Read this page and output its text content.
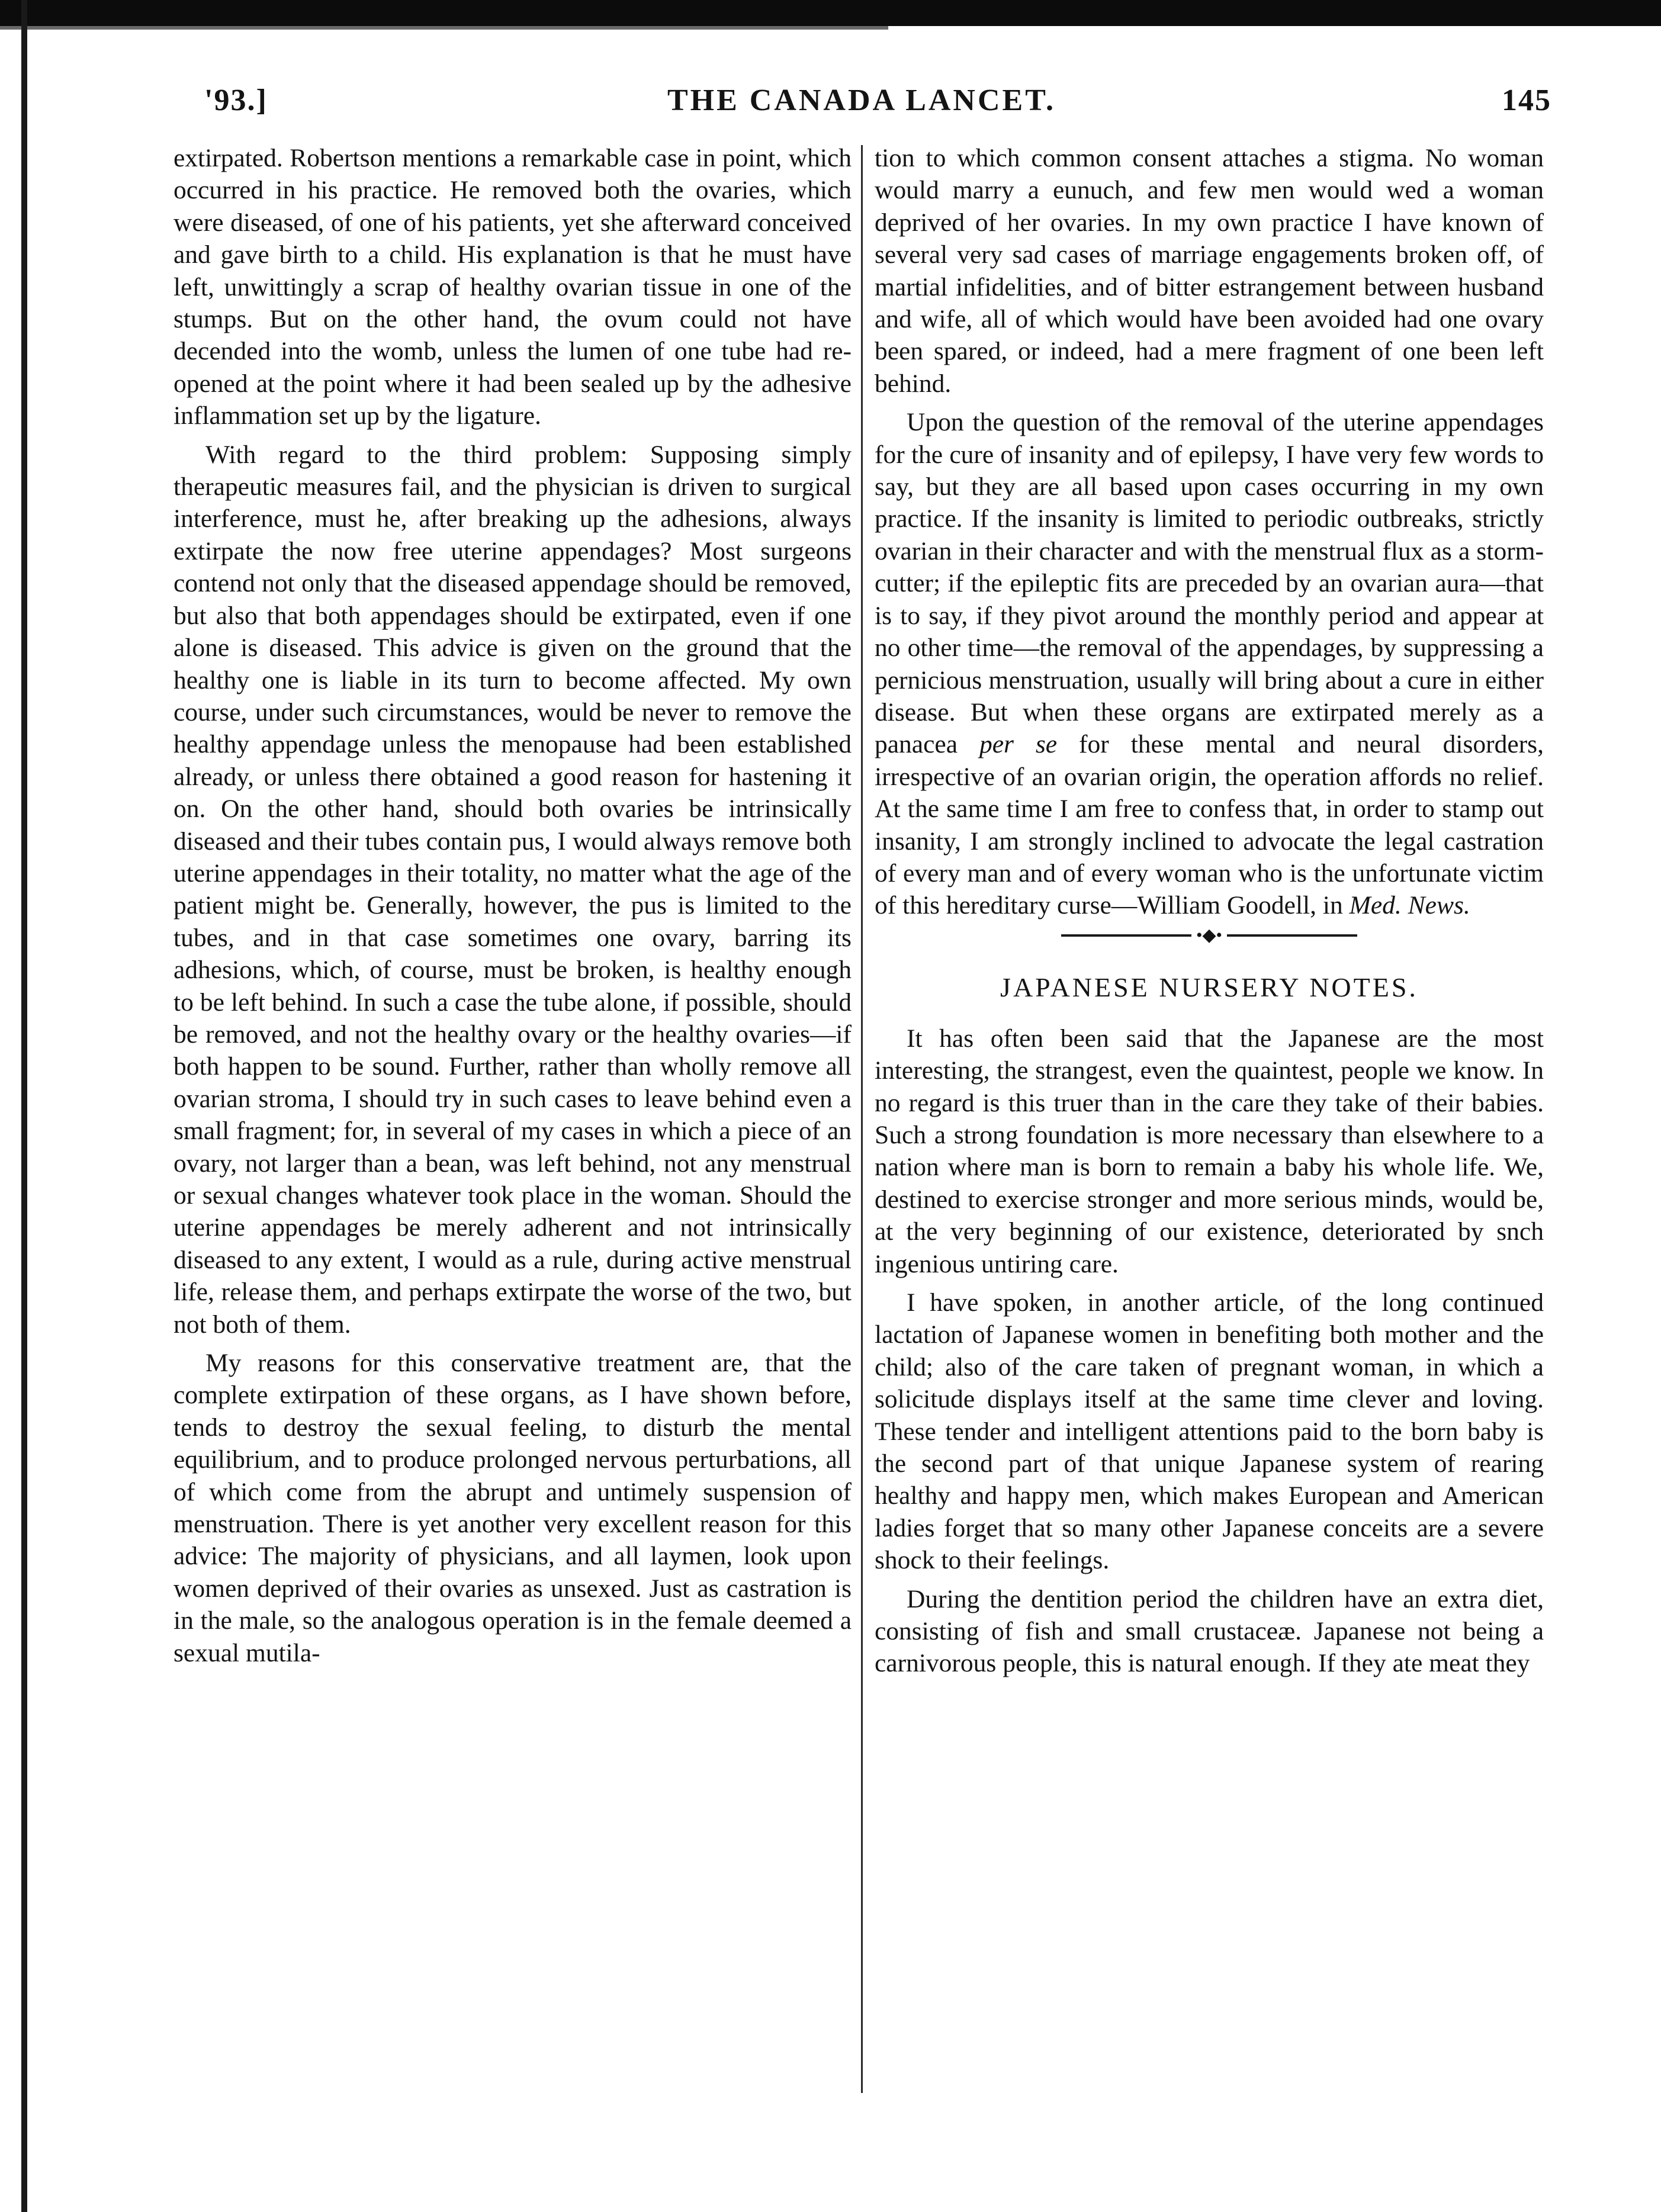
'93.]	THE CANADA LANCET.	145

extirpated. Robertson mentions a remarkable case in point, which occurred in his practice. He removed both the ovaries, which were diseased, of one of his patients, yet she afterward conceived and gave birth to a child. His explanation is that he must have left, unwittingly a scrap of healthy ovarian tissue in one of the stumps. But on the other hand, the ovum could not have decended into the womb, unless the lumen of one tube had re-opened at the point where it had been sealed up by the adhesive inflammation set up by the ligature.

With regard to the third problem: Supposing simply therapeutic measures fail, and the physician is driven to surgical interference, must he, after breaking up the adhesions, always extirpate the now free uterine appendages? Most surgeons contend not only that the diseased appendage should be removed, but also that both appendages should be extirpated, even if one alone is diseased. This advice is given on the ground that the healthy one is liable in its turn to become affected. My own course, under such circumstances, would be never to remove the healthy appendage unless the menopause had been established already, or unless there obtained a good reason for hastening it on. On the other hand, should both ovaries be intrinsically diseased and their tubes contain pus, I would always remove both uterine appendages in their totality, no matter what the age of the patient might be. Generally, however, the pus is limited to the tubes, and in that case sometimes one ovary, barring its adhesions, which, of course, must be broken, is healthy enough to be left behind. In such a case the tube alone, if possible, should be removed, and not the healthy ovary or the healthy ovaries—if both happen to be sound. Further, rather than wholly remove all ovarian stroma, I should try in such cases to leave behind even a small fragment; for, in several of my cases in which a piece of an ovary, not larger than a bean, was left behind, not any menstrual or sexual changes whatever took place in the woman. Should the uterine appendages be merely adherent and not intrinsically diseased to any extent, I would as a rule, during active menstrual life, release them, and perhaps extirpate the worse of the two, but not both of them.

My reasons for this conservative treatment are, that the complete extirpation of these organs, as I have shown before, tends to destroy the sexual feeling, to disturb the mental equilibrium, and to produce prolonged nervous perturbations, all of which come from the abrupt and untimely suspension of menstruation. There is yet another very excellent reason for this advice: The majority of physicians, and all laymen, look upon women deprived of their ovaries as unsexed. Just as castration is in the male, so the analogous operation is in the female deemed a sexual mutila-

tion to which common consent attaches a stigma. No woman would marry a eunuch, and few men would wed a woman deprived of her ovaries. In my own practice I have known of several very sad cases of marriage engagements broken off, of martial infidelities, and of bitter estrangement between husband and wife, all of which would have been avoided had one ovary been spared, or indeed, had a mere fragment of one been left behind.

Upon the question of the removal of the uterine appendages for the cure of insanity and of epilepsy, I have very few words to say, but they are all based upon cases occurring in my own practice. If the insanity is limited to periodic outbreaks, strictly ovarian in their character and with the menstrual flux as a storm-cutter; if the epileptic fits are preceded by an ovarian aura—that is to say, if they pivot around the monthly period and appear at no other time—the removal of the appendages, by suppressing a pernicious menstruation, usually will bring about a cure in either disease. But when these organs are extirpated merely as a panacea per se for these mental and neural disorders, irrespective of an ovarian origin, the operation affords no relief. At the same time I am free to confess that, in order to stamp out insanity, I am strongly inclined to advocate the legal castration of every man and of every woman who is the unfortunate victim of this hereditary curse—William Goodell, in Med. News.

•◆•
JAPANESE NURSERY NOTES.

It has often been said that the Japanese are the most interesting, the strangest, even the quaintest, people we know. In no regard is this truer than in the care they take of their babies. Such a strong foundation is more necessary than elsewhere to a nation where man is born to remain a baby his whole life. We, destined to exercise stronger and more serious minds, would be, at the very beginning of our existence, deteriorated by snch ingenious untiring care.

I have spoken, in another article, of the long continued lactation of Japanese women in benefiting both mother and the child; also of the care taken of pregnant woman, in which a solicitude displays itself at the same time clever and loving. These tender and intelligent attentions paid to the born baby is the second part of that unique Japanese system of rearing healthy and happy men, which makes European and American ladies forget that so many other Japanese conceits are a severe shock to their feelings.

During the dentition period the children have an extra diet, consisting of fish and small crustaceæ. Japanese not being a carnivorous people, this is natural enough. If they ate meat they
